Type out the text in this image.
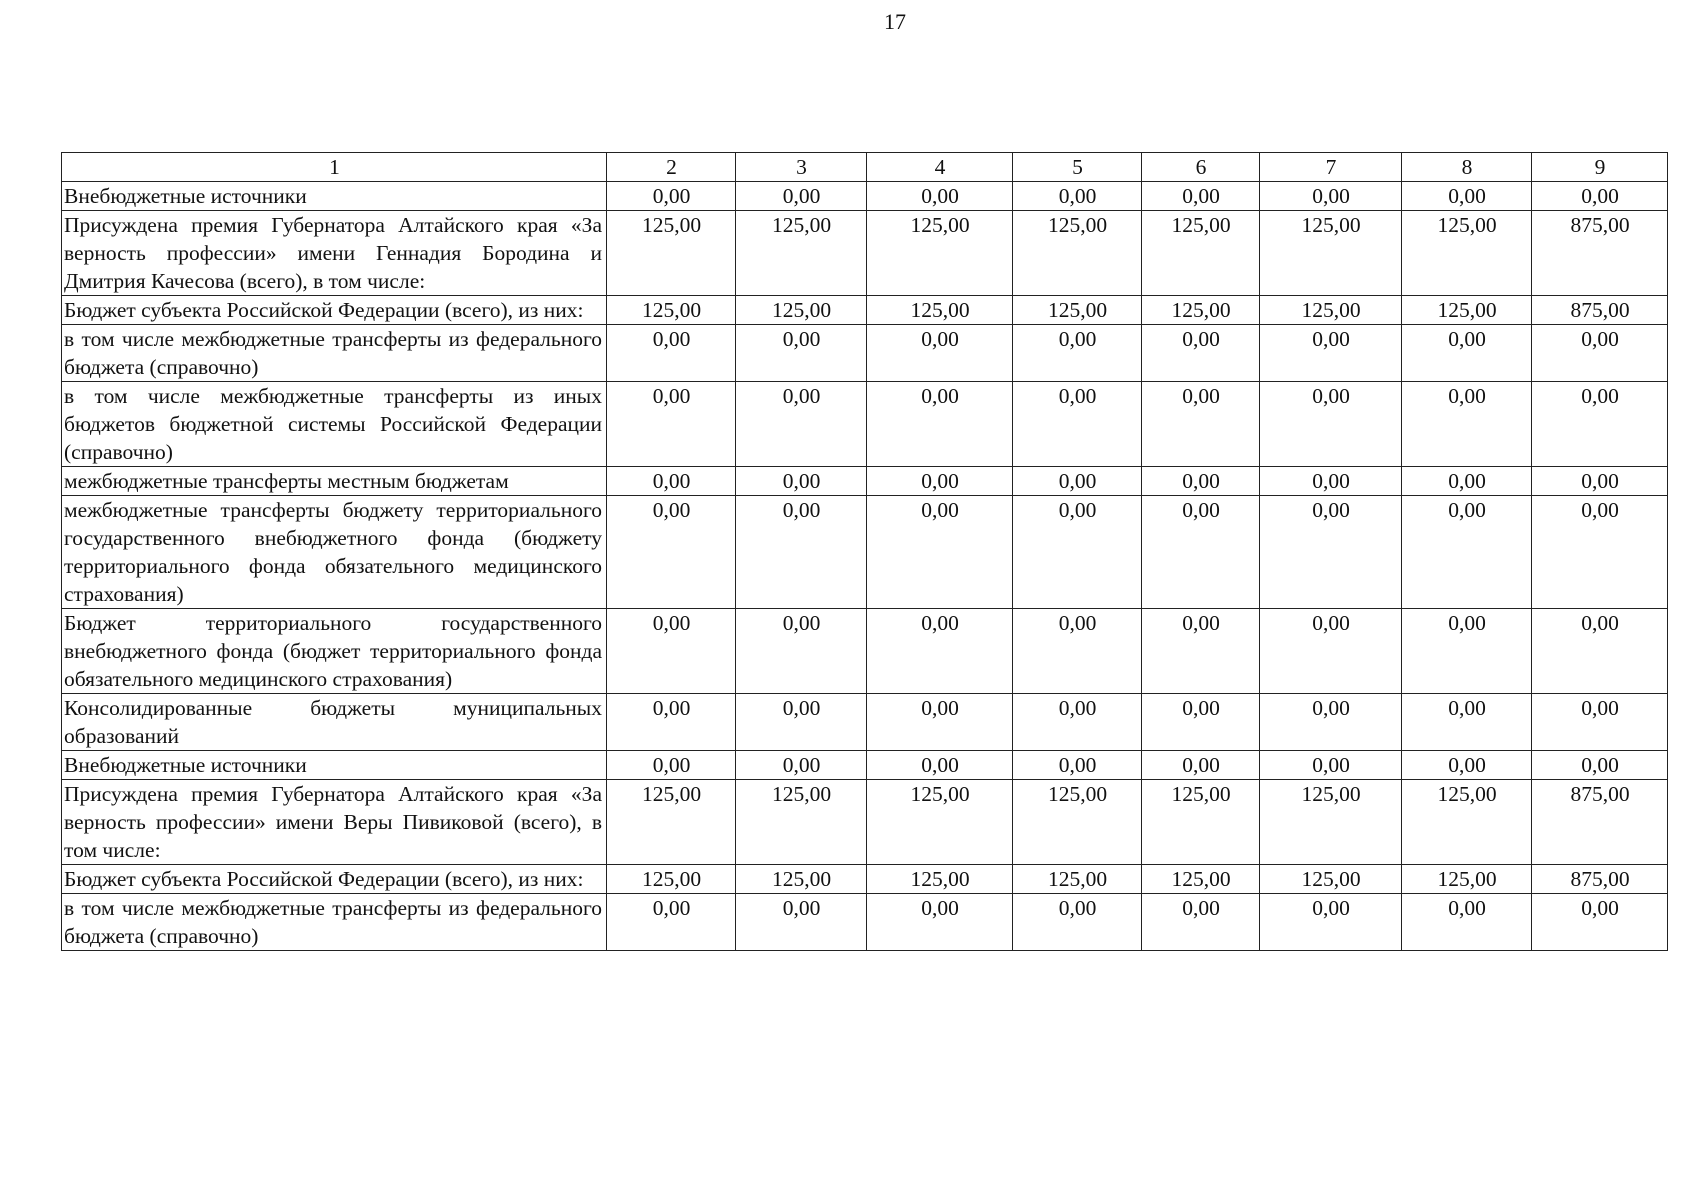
17
1	2	3	4	5	6	7	8	9
Внебюджетные источники	0,00	0,00	0,00	0,00	0,00	0,00	0,00	0,00
Присуждена премия Губернатора Алтайского края «За верность профессии» имени Геннадия Бородина и Дмитрия Качесова (всего), в том числе:	125,00	125,00	125,00	125,00	125,00	125,00	125,00	875,00
Бюджет субъекта Российской Федерации (всего), из них:	125,00	125,00	125,00	125,00	125,00	125,00	125,00	875,00
в том числе межбюджетные трансферты из федерального бюджета (справочно)	0,00	0,00	0,00	0,00	0,00	0,00	0,00	0,00
в том числе межбюджетные трансферты из иных бюджетов бюджетной системы Российской Федерации (справочно)	0,00	0,00	0,00	0,00	0,00	0,00	0,00	0,00
межбюджетные трансферты местным бюджетам	0,00	0,00	0,00	0,00	0,00	0,00	0,00	0,00
межбюджетные трансферты бюджету территориального государственного внебюджетного фонда (бюджету территориального фонда обязательного медицинского страхования)	0,00	0,00	0,00	0,00	0,00	0,00	0,00	0,00
Бюджет территориального государственного внебюджетного фонда (бюджет территориального фонда обязательного медицинского страхования)	0,00	0,00	0,00	0,00	0,00	0,00	0,00	0,00
Консолидированные бюджеты муниципальных образований	0,00	0,00	0,00	0,00	0,00	0,00	0,00	0,00
Внебюджетные источники	0,00	0,00	0,00	0,00	0,00	0,00	0,00	0,00
Присуждена премия Губернатора Алтайского края «За верность профессии» имени Веры Пивиковой (всего), в том числе:	125,00	125,00	125,00	125,00	125,00	125,00	125,00	875,00
Бюджет субъекта Российской Федерации (всего), из них:	125,00	125,00	125,00	125,00	125,00	125,00	125,00	875,00
в том числе межбюджетные трансферты из федерального бюджета (справочно)	0,00	0,00	0,00	0,00	0,00	0,00	0,00	0,00
